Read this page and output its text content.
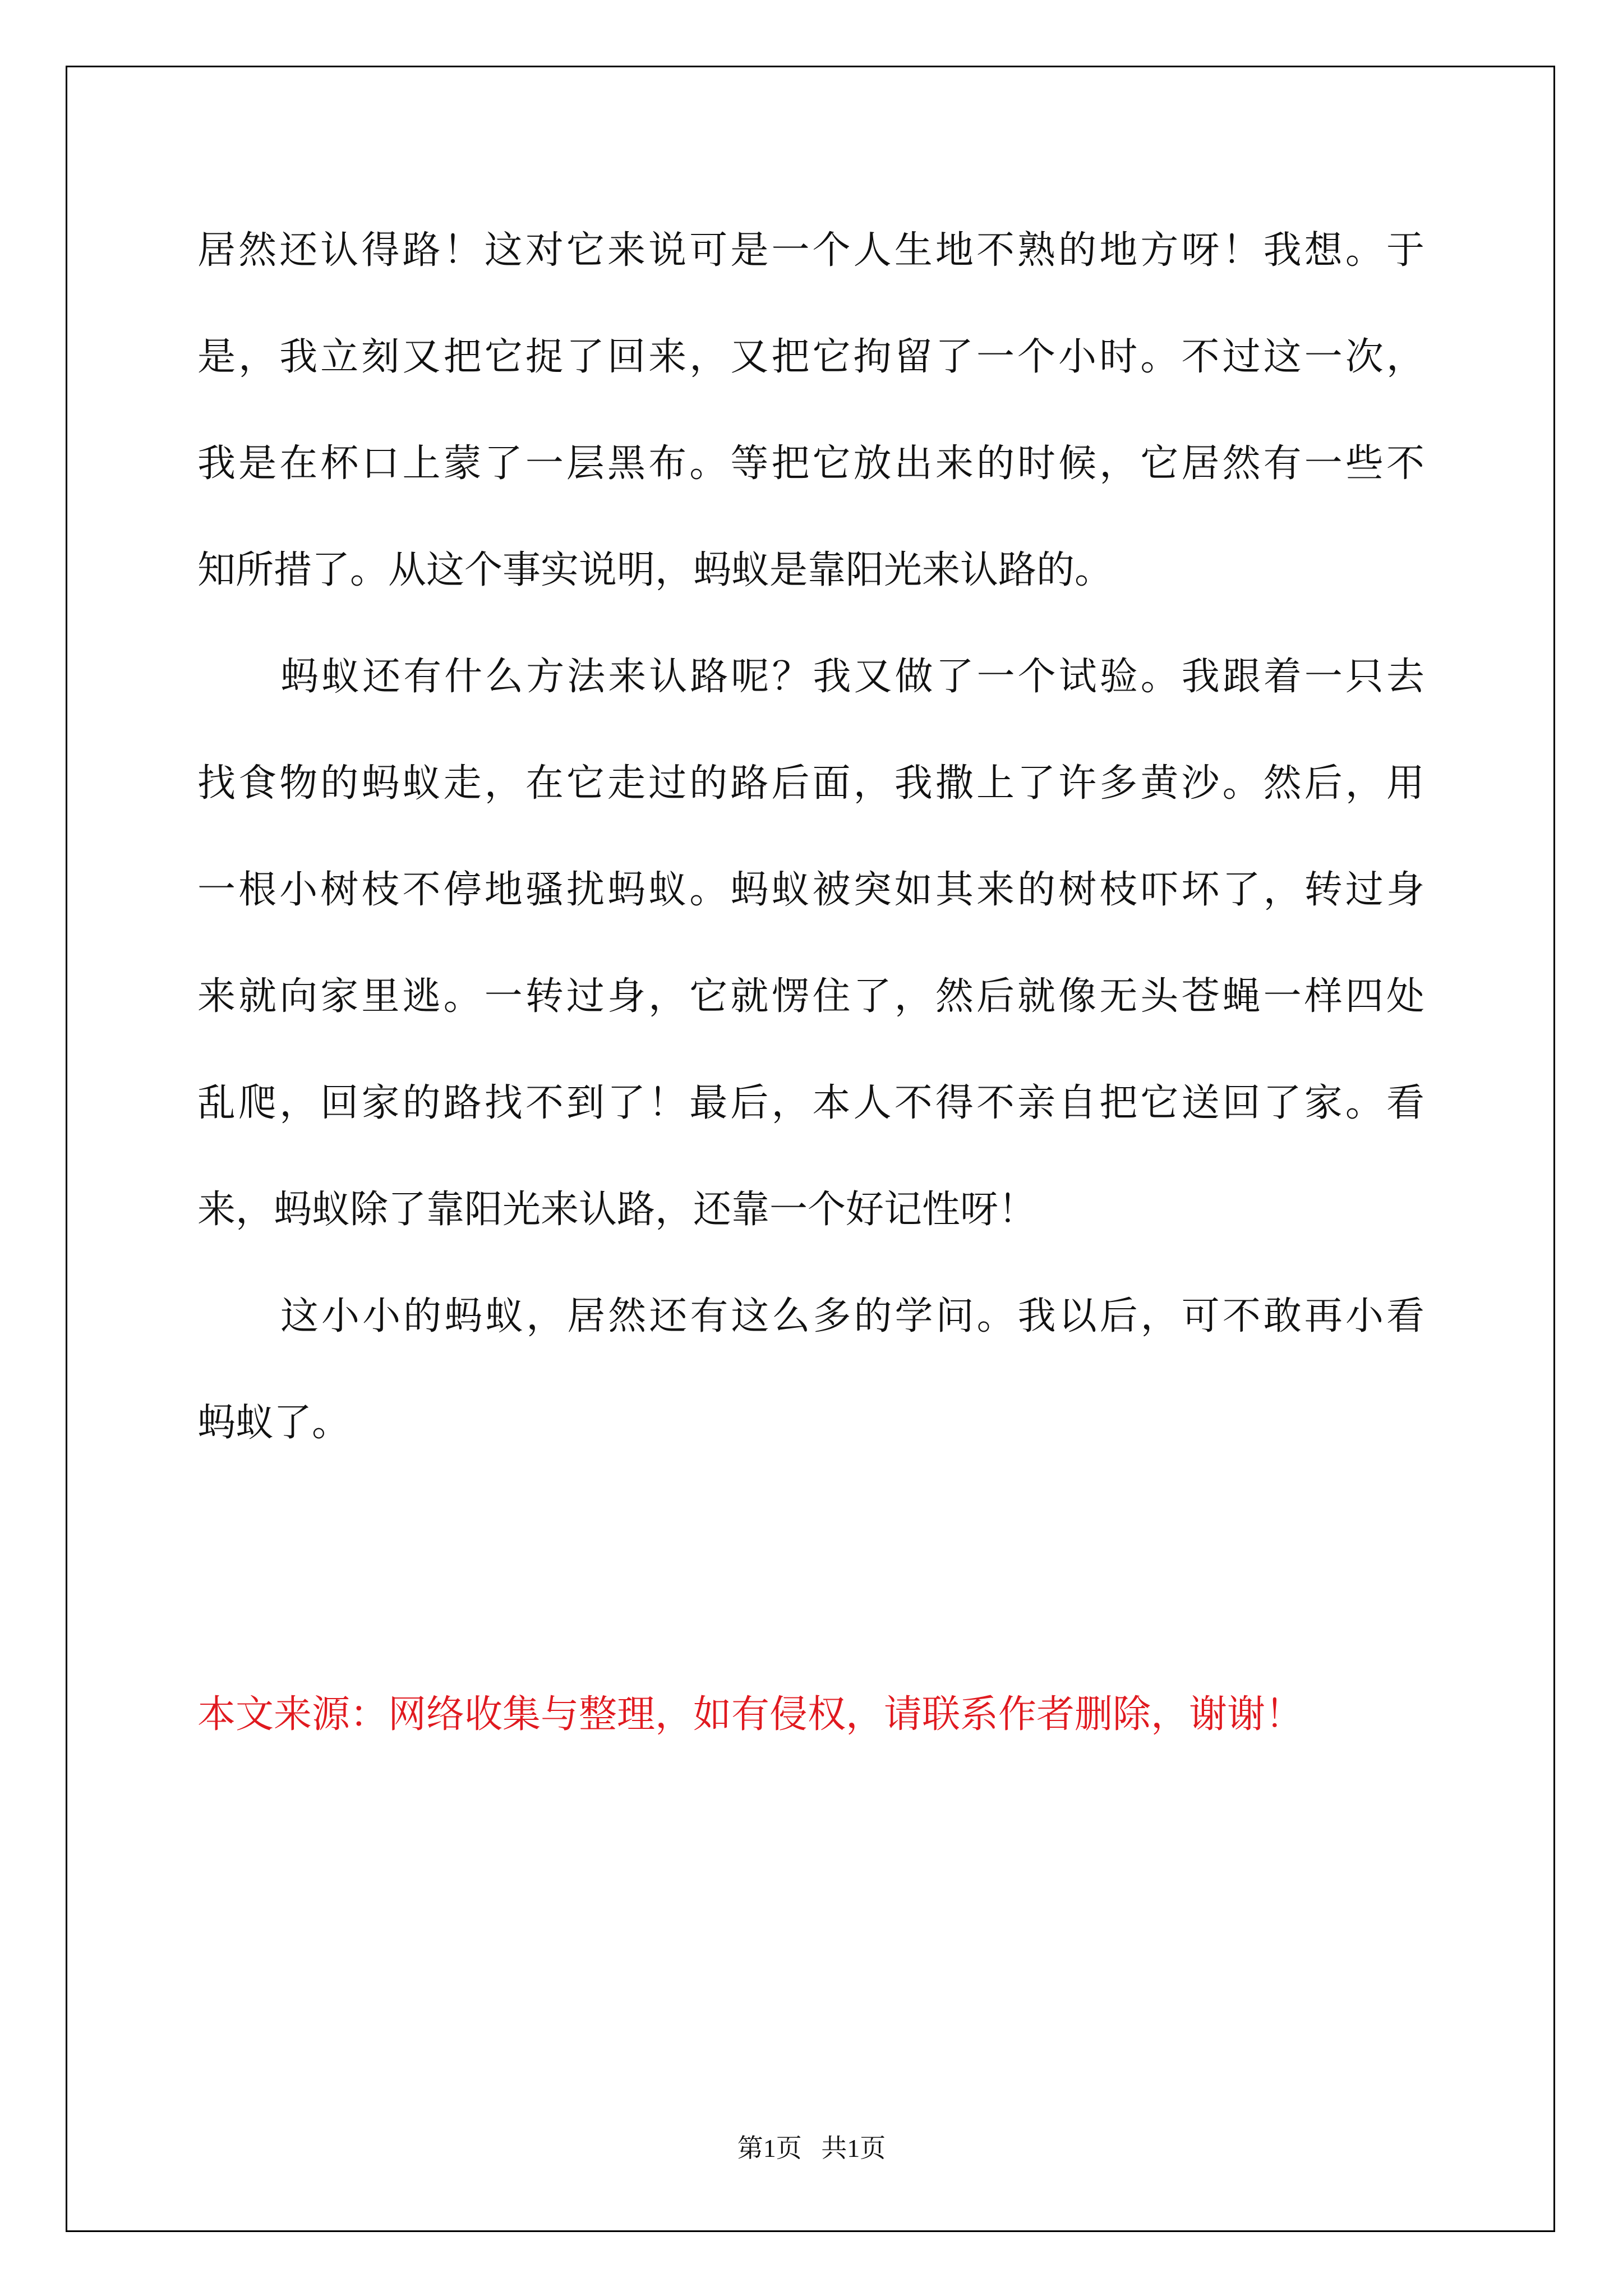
居然还认得路！这对它来说可是一个人生地不熟的地方呀！我想。于
是，我立刻又把它捉了回来，又把它拘留了一个小时。不过这一次，
我是在杯口上蒙了一层黑布。等把它放出来的时候，它居然有一些不
知所措了。从这个事实说明，蚂蚁是靠阳光来认路的。
蚂蚁还有什么方法来认路呢？我又做了一个试验。我跟着一只去
找食物的蚂蚁走，在它走过的路后面，我撒上了许多黄沙。然后，用
一根小树枝不停地骚扰蚂蚁。蚂蚁被突如其来的树枝吓坏了，转过身
来就向家里逃。一转过身，它就愣住了，然后就像无头苍蝇一样四处
乱爬，回家的路找不到了！最后，本人不得不亲自把它送回了家。看
来，蚂蚁除了靠阳光来认路，还靠一个好记性呀！
这小小的蚂蚁，居然还有这么多的学问。我以后，可不敢再小看
蚂蚁了。
本文来源：网络收集与整理，如有侵权，请联系作者删除，谢谢！
第1页   共1页
